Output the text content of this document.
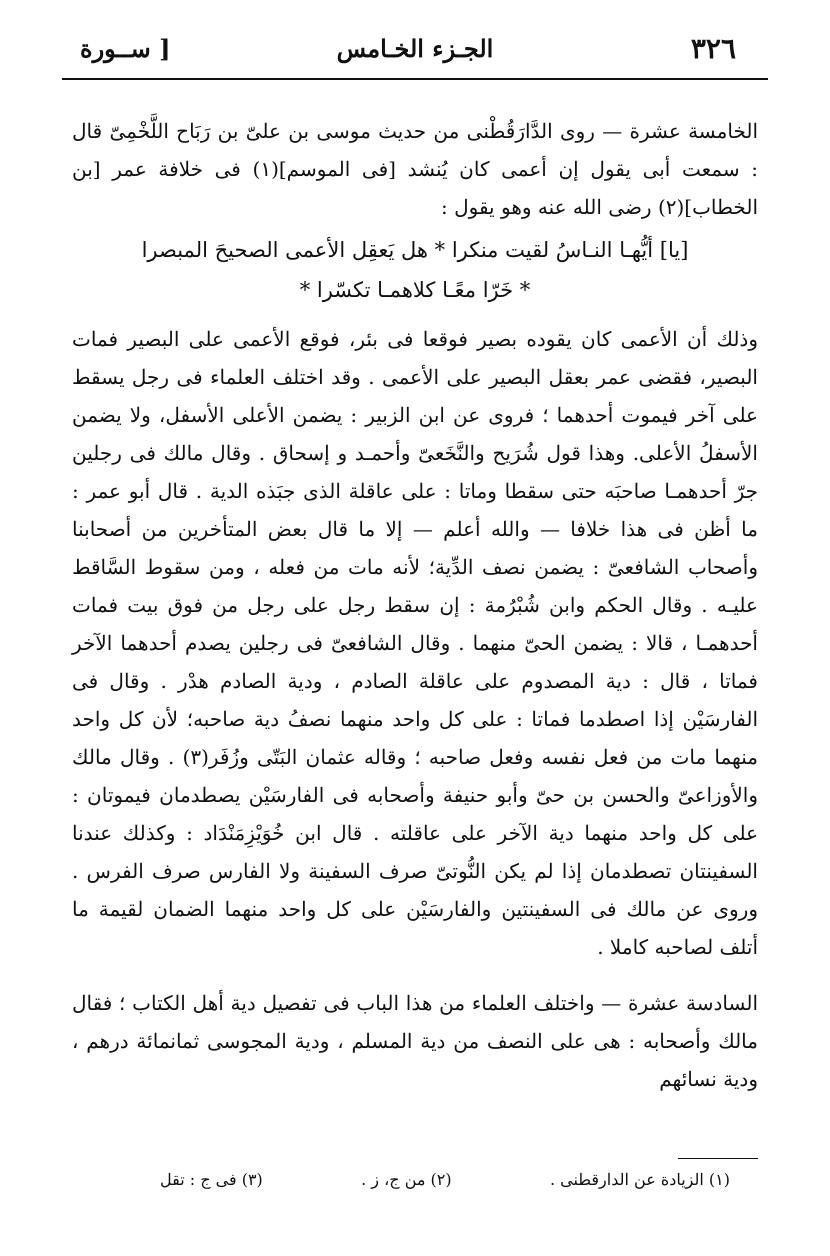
٣٢٦
الجـزء الخـامس
[ ســورة

الخامسة عشرة — روى الدَّارَقُطْنى من حديث موسى بن علىّ بن رَبَاح اللَّخْمِىّ قال : سمعت أبى يقول إن أعمى كان يُنشد [فى الموسم](١) فى خلافة عمر [بن الخطاب](٢) رضى الله عنه وهو يقول :

[يا] أيُّهـا النـاسُ لقيت منكرا * هل يَعقِل الأعمى الصحيحَ المبصرا
* خَرّا معًـا كلاهمـا تكسّرا *

وذلك أن الأعمى كان يقوده بصير فوقعا فى بئر، فوقع الأعمى على البصير فمات البصير، فقضى عمر بعقل البصير على الأعمى . وقد اختلف العلماء فى رجل يسقط على آخر فيموت أحدهما ؛ فروى عن ابن الزبير : يضمن الأعلى الأسفل، ولا يضمن الأسفلُ الأعلى. وهذا قول شُرَيح والنَّخَعىّ وأحمـد و إسحاق . وقال مالك فى رجلين جرّ أحدهمـا صاحبَه حتى سقطا وماتا : على عاقلة الذى جبَذه الدية . قال أبو عمر : ما أظن فى هذا خلافا — والله أعلم — إلا ما قال بعض المتأخرين من أصحابنا وأصحاب الشافعىّ : يضمن نصف الدِّية؛ لأنه مات من فعله ، ومن سقوط السَّاقط عليـه . وقال الحكم وابن شُبْرُمة : إن سقط رجل على رجل من فوق بيت فمات أحدهمـا ، قالا : يضمن الحىّ منهما . وقال الشافعىّ فى رجلين يصدم أحدهما الآخر فماتا ، قال : دية المصدوم على عاقلة الصادم ، ودية الصادم هدْر . وقال فى الفارسَيْن إذا اصطدما فماتا : على كل واحد منهما نصفُ دية صاحبه؛ لأن كل واحد منهما مات من فعل نفسه وفعل صاحبه ؛ وقاله عثمان البَتّى وزُفَر(٣) . وقال مالك والأوزاعىّ والحسن بن حىّ وأبو حنيفة وأصحابه فى الفارسَيْن يصطدمان فيموتان : على كل واحد منهما دية الآخر على عاقلته . قال ابن خُوَيْزِمَنْدَاد : وكذلك عندنا السفينتان تصطدمان إذا لم يكن النُّوتىّ صرف السفينة ولا الفارس صرف الفرس . وروى عن مالك فى السفينتين والفارسَيْن على كل واحد منهما الضمان لقيمة ما أتلف لصاحبه كاملا .

السادسة عشرة — واختلف العلماء من هذا الباب فى تفصيل دية أهل الكتاب ؛ فقال مالك وأصحابه : هى على النصف من دية المسلم ، ودية المجوسى ثمانمائة درهم ، ودية نسائهم

(١) الزيادة عن الدارقطنى .
(٢) من ج، ز .
(٣) فى ج : تقل
